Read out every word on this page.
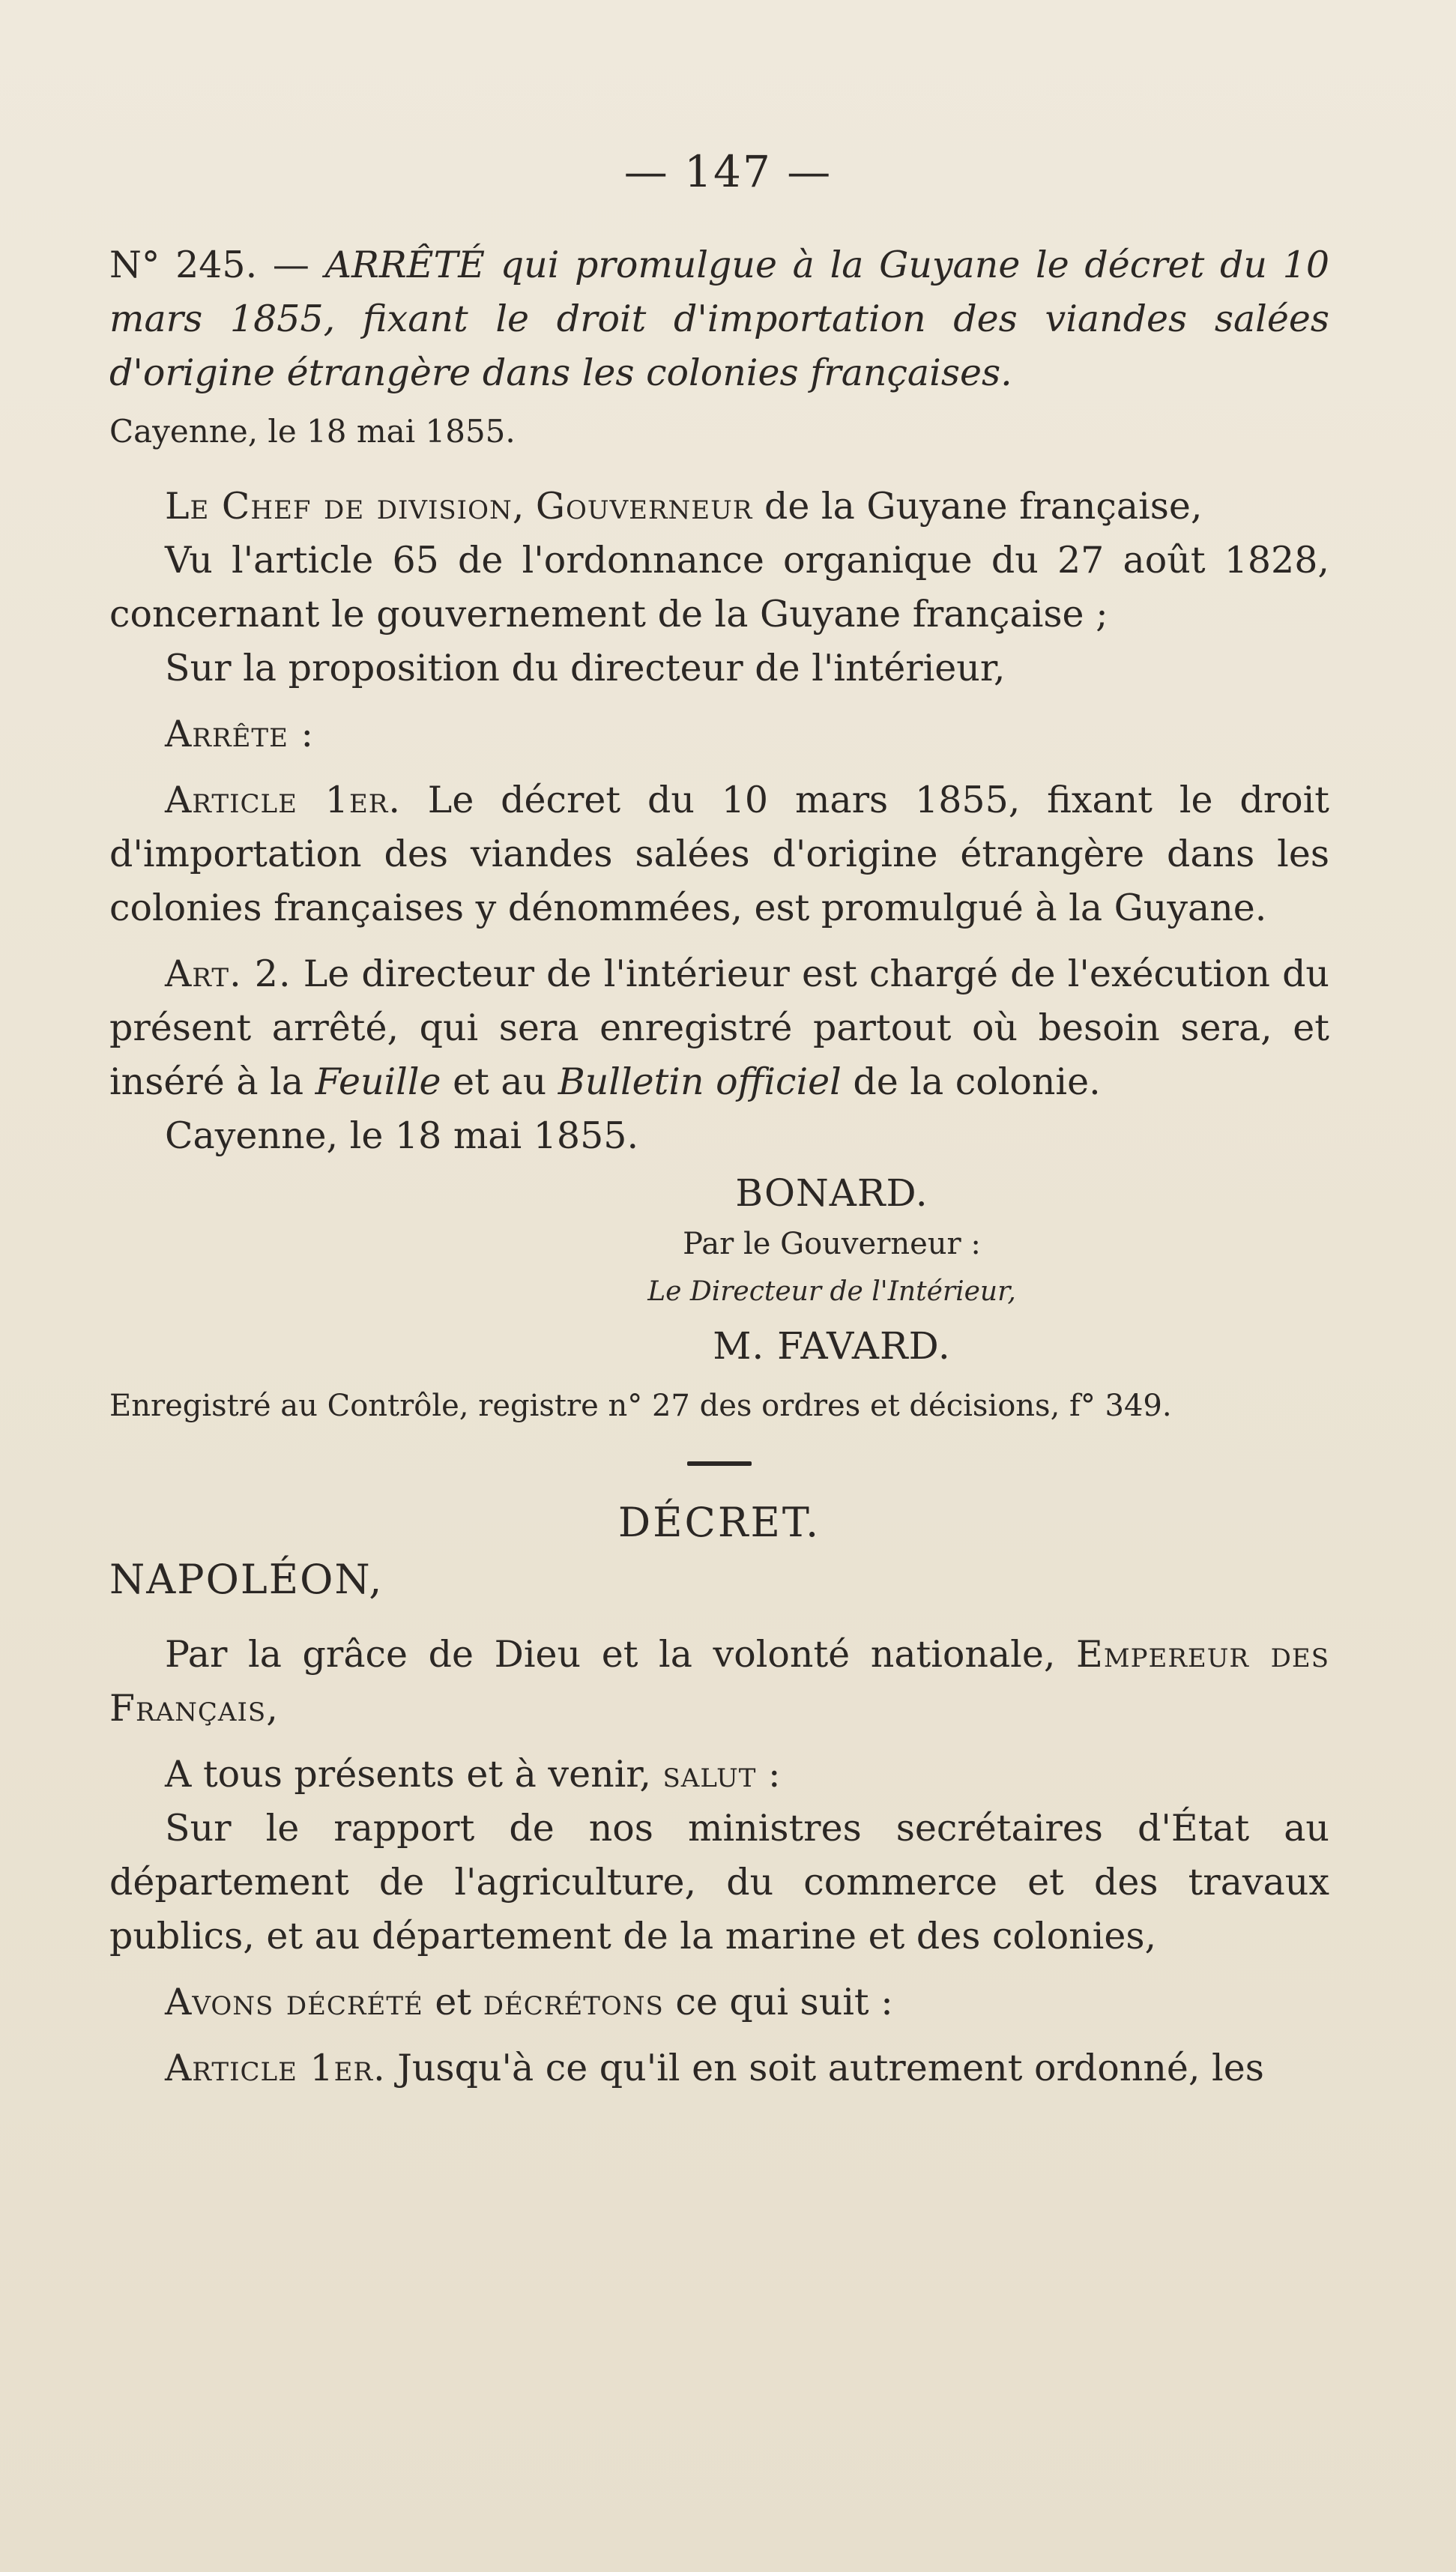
— 147 —

N° 245. — ARRÊTÉ qui promulgue à la Guyane le décret du 10 mars 1855, fixant le droit d'importation des viandes salées d'origine étrangère dans les colonies françaises.

Cayenne, le 18 mai 1855.

Le Chef de division, Gouverneur de la Guyane française,

Vu l'article 65 de l'ordonnance organique du 27 août 1828, concernant le gouvernement de la Guyane française ;

Sur la proposition du directeur de l'intérieur,

Arrête :

Article 1er. Le décret du 10 mars 1855, fixant le droit d'importation des viandes salées d'origine étrangère dans les colonies françaises y dénommées, est promulgué à la Guyane.

Art. 2. Le directeur de l'intérieur est chargé de l'exécution du présent arrêté, qui sera enregistré partout où besoin sera, et inséré à la Feuille et au Bulletin officiel de la colonie.

Cayenne, le 18 mai 1855.

BONARD.
Par le Gouverneur :
Le Directeur de l'Intérieur,
M. FAVARD.

Enregistré au Contrôle, registre n° 27 des ordres et décisions, f° 349.

DÉCRET.
NAPOLÉON,

Par la grâce de Dieu et la volonté nationale, Empereur des Français,

A tous présents et à venir, salut :

Sur le rapport de nos ministres secrétaires d'État au département de l'agriculture, du commerce et des travaux publics, et au département de la marine et des colonies,

Avons décrété et décrétons ce qui suit :

Article 1er. Jusqu'à ce qu'il en soit autrement ordonné, les
